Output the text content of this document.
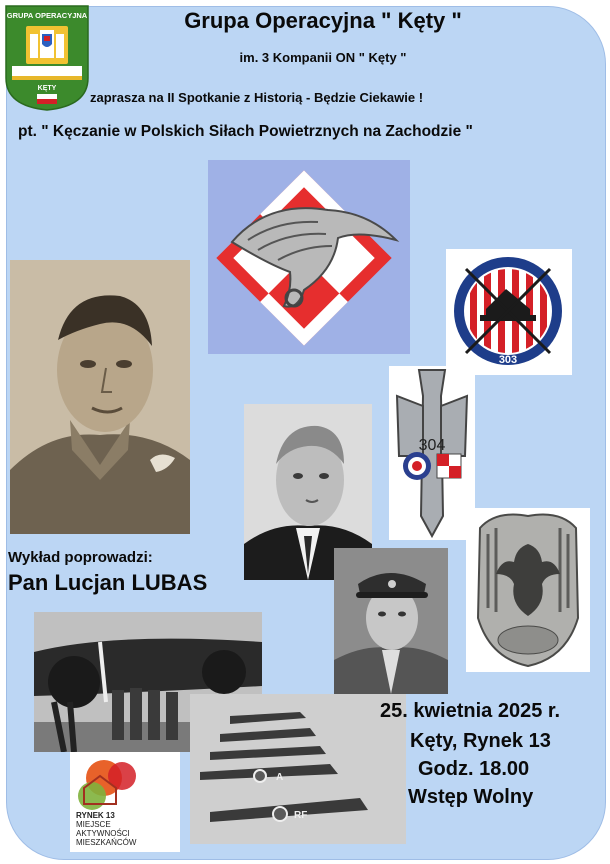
GRUPA OPERACYJNA
KĘTY
Grupa Operacyjna " Kęty "
im. 3 Kompanii ON " Kęty "
zaprasza na II Spotkanie z Historią - Będzie Ciekawie !
pt. " Kęczanie w Polskich Siłach Powietrznych na Zachodzie "
303
304
Wykład poprowadzi:
Pan Lucjan LUBAS
A
RF
RYNEK 13
MIEJSCE
AKTYWNOŚCI
MIESZKAŃCÓW
25. kwietnia 2025 r.
Kęty, Rynek 13
Godz. 18.00
Wstęp Wolny
